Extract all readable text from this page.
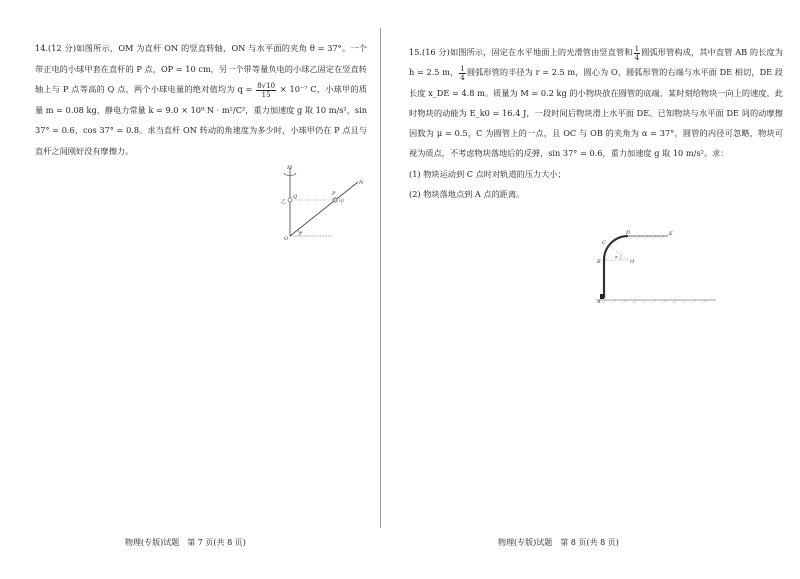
14.(12 分)如图所示，OM 为直杆 ON 的竖直转轴，ON 与水平面的夹角 θ = 37°。一个带正电的小球甲套在直杆的 P 点，OP = 10 cm，另一个带等量负电的小球乙固定在竖直转轴上与 P 点等高的 Q 点，两个小球电量的绝对值均为 $q = \frac{8√10}{15} \times 10^{-7}$ C，小球甲的质量 m = 0.08 kg，静电力常量 k = 9.0 × 10⁹ N · m²/C²，重力加速度 g 取 10 m/s²，sin 37° = 0.6，cos 37° = 0.8。求当直杆 ON 转动的角速度为多少时，小球甲仍在 P 点且与直杆之间刚好没有摩擦力。
M
N
O
P
Q
乙	甲
θ
物理(专版)试题　第 7 页(共 8 页)
15.(16 分)如图所示，固定在水平地面上的光滑管由竖直管和 $\frac{1}{4}$ 圆弧形管构成，其中直管 AB 的长度为 h = 2.5 m， $\frac{1}{4}$ 圆弧形管的半径为 r = 2.5 m，圆心为 O，圆弧形管的右端与水平面 DE 相切，DE 段长度 x_DE = 4.8 m。质量为 M = 0.2 kg 的小物块放在圆管的底端，某时刻给物块一向上的速度，此时物块的动能为 E_k0 = 16.4 J，一段时间后物块滑上水平面 DE。已知物块与水平面 DE 间的动摩擦因数为 μ = 0.5，C 为圆管上的一点，且 OC 与 OB 的夹角为 α = 37°，圆管的内径可忽略，物块可视为质点，不考虑物块落地后的反弹，sin 37° = 0.6，重力加速度 g 取 10 m/s²。求：
(1) 物块运动到 C 点时对轨道的压力大小；
(2) 物块落地点到 A 点的距离。
A
B
C
D	E
O
α
物理(专版)试题　第 8 页(共 8 页)
